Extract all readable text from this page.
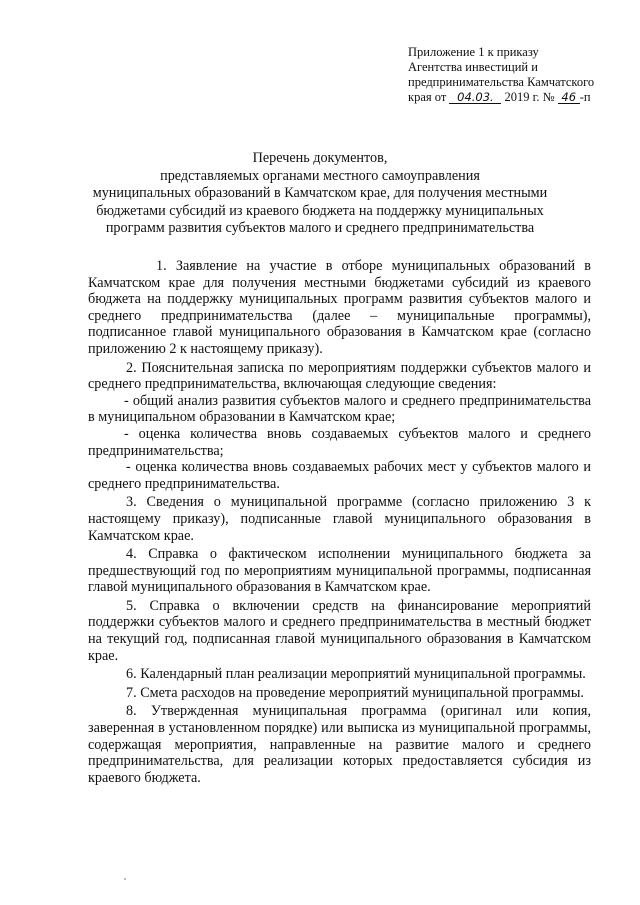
Приложение 1 к приказу
Агентства инвестиций и
предпринимательства Камчатского
края от 04.03. 2019 г. № 46 -п
Перечень документов,
представляемых органами местного самоуправления
муниципальных образований в Камчатском крае, для получения местными
бюджетами субсидий из краевого бюджета на поддержку муниципальных
программ развития субъектов малого и среднего предпринимательства

1. Заявление на участие в отборе муниципальных образований в Камчатском крае для получения местными бюджетами субсидий из краевого бюджета на поддержку муниципальных программ развития субъектов малого и среднего предпринимательства (далее – муниципальные программы), подписанное главой муниципального образования в Камчатском крае (согласно приложению 2 к настоящему приказу).

2. Пояснительная записка по мероприятиям поддержки субъектов малого и среднего предпринимательства, включающая следующие сведения:

- общий анализ развития субъектов малого и среднего предпринимательства в муниципальном образовании в Камчатском крае;

- оценка количества вновь создаваемых субъектов малого и среднего предпринимательства;

- оценка количества вновь создаваемых рабочих мест у субъектов малого и среднего предпринимательства.

3. Сведения о муниципальной программе (согласно приложению 3 к настоящему приказу), подписанные главой муниципального образования в Камчатском крае.

4. Справка о фактическом исполнении муниципального бюджета за предшествующий год по мероприятиям муниципальной программы, подписанная главой муниципального образования в Камчатском крае.

5. Справка о включении средств на финансирование мероприятий поддержки субъектов малого и среднего предпринимательства в местный бюджет на текущий год, подписанная главой муниципального образования в Камчатском крае.

6. Календарный план реализации мероприятий муниципальной программы.

7. Смета расходов на проведение мероприятий муниципальной программы.

8. Утвержденная муниципальная программа (оригинал или копия, заверенная в установленном порядке) или выписка из муниципальной программы, содержащая мероприятия, направленные на развитие малого и среднего предпринимательства, для реализации которых предоставляется субсидия из краевого бюджета.
